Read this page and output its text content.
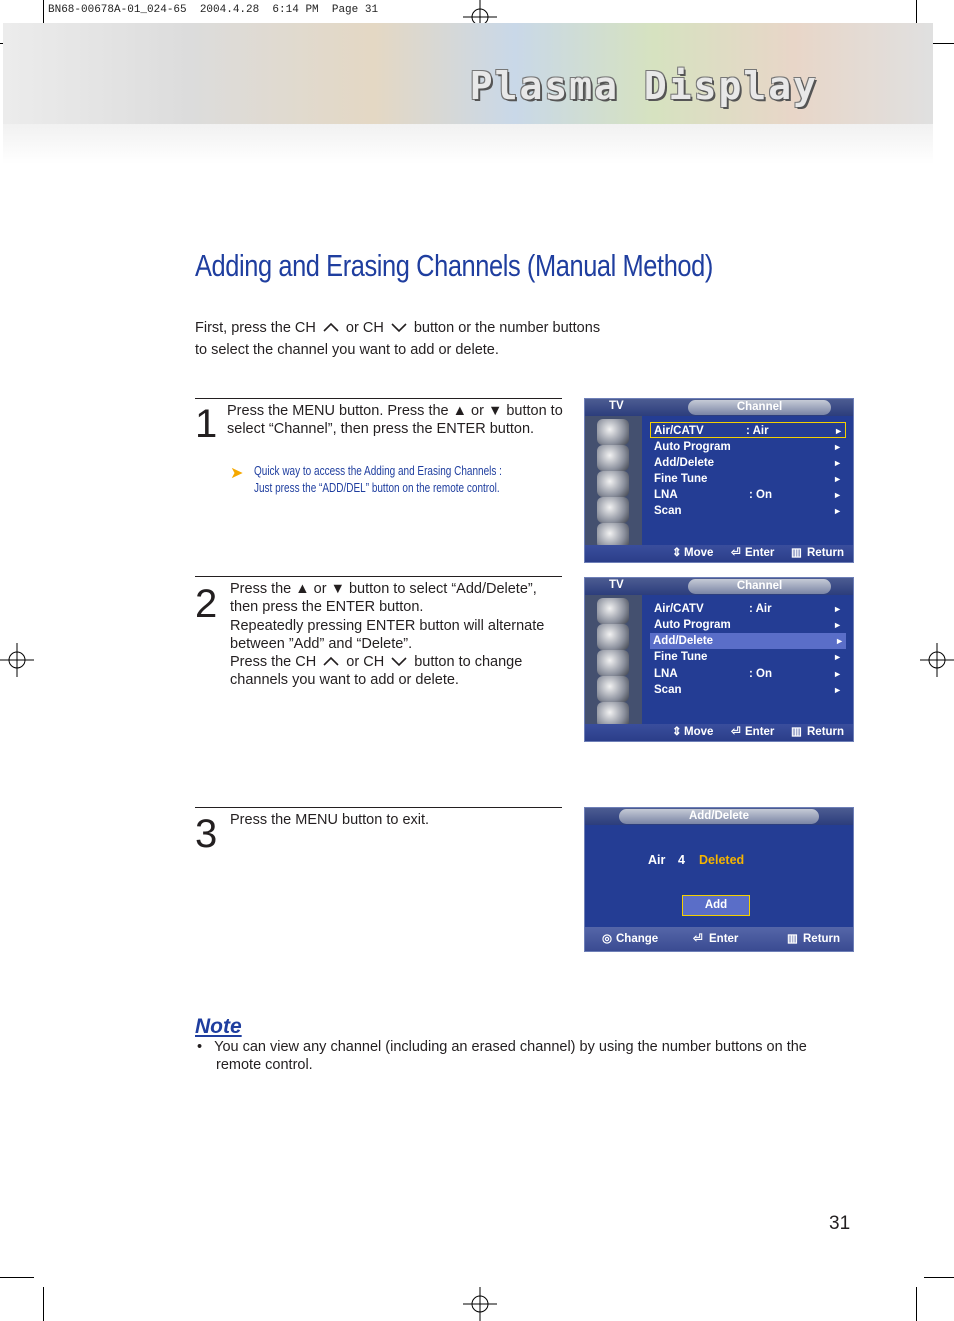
BN68-00678A-01_024-65  2004.4.28  6:14 PM  Page 31
Plasma Display
Adding and Erasing Channels (Manual Method)
First, press the CH or CH button or the number buttons
to select the channel you want to add or delete.
1 Press the MENU button. Press the ▲ or ▼ button to
select “Channel”, then press the ENTER button.
➤ Quick way to access the Adding and Erasing Channels :
Just press the “ADD/DEL” button on the remote control.
2 Press the ▲ or ▼ button to select “Add/Delete”,
then press the ENTER button.
Repeatedly pressing ENTER button will alternate
between ”Add” and “Delete”.
Press the CH or CH button to change
channels you want to add or delete.
3 Press the MENU button to exit.
TV	Channel
Air/CATV	: Air	►
Auto Program	►
Add/Delete	►
Fine Tune	►
LNA	: On	►
Scan	►
⇕ Move ⏎ Enter ▥ Return
TV	Channel
Air/CATV	: Air	►
Auto Program	►
Add/Delete	►
Fine Tune	►
LNA	: On	►
Scan	►
⇕ Move ⏎ Enter ▥ Return
Add/Delete
Air 4 Deleted
Add
◎ Change	⏎ Enter	▥ Return
Note
• You can view any channel (including an erased channel) by using the number buttons on the
remote control.
31
